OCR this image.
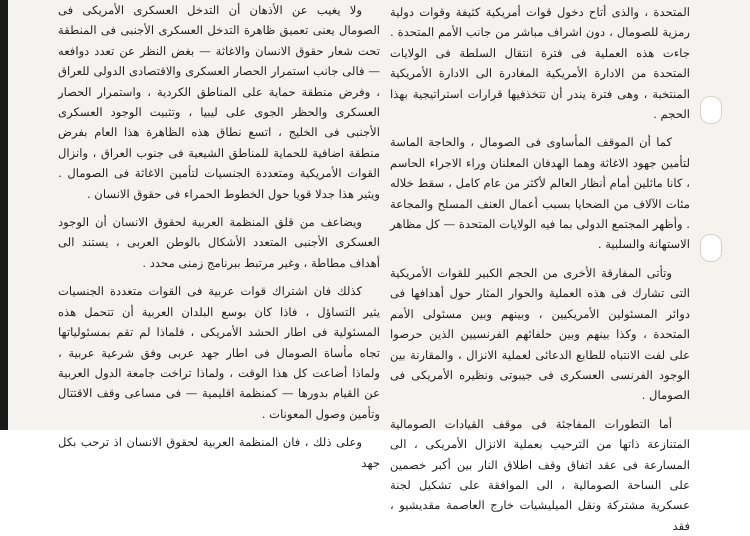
المتحدة ، والذى أتاح دخول قوات أمريكية كثيفة وقوات دولية رمزية للصومال ، دون اشراف مباشر من جانب الأمم المتحدة . جاءت هذه العملية فى فترة انتقال السلطة فى الولايات المتحدة من الادارة الأمريكية المغادرة الى الادارة الأمريكية المنتخبة ، وهى فترة يندر أن تتخذفيها قرارات استراتيجية بهذا الحجم .

كما أن الموقف المأساوى فى الصومال ، والحاجة الماسة لتأمين جهود الاغاثة وهما الهدفان المعلنان وراء الاجراء الحاسم ، كانا ماثلين أمام أنظار العالم لأكثر من عام كامل ، سقط خلاله مئات الآلاف من الضحايا بسبب أعمال العنف المسلح والمجاعة . وأظهر المجتمع الدولى بما فيه الولايات المتحدة — كل مظاهر الاستهانة والسلبية .

وتأتى المفارقة الأخرى من الحجم الكبير للقوات الأمريكية التى تشارك فى هذه العملية والحوار المثار حول أهدافها فى دوائر المسئولين الأمريكيين ، وبينهم وبين مسئولى الأمم المتحدة ، وكذا بينهم وبين حلفائهم الفرنسيين الذين حرصوا على لفت الانتباه للطابع الدعائى لعملية الانزال ، والمقارنة بين الوجود الفرنسى العسكرى فى جيبوتى ونظيره الأمريكى فى الصومال .

أما التطورات المفاجئة فى موقف القيادات الصومالية المتنازعة ذاتها من الترحيب بعملية الانزال الأمريكى ، الى المسارعة فى عقد اتفاق وقف اطلاق النار بين أكبر خصمين على الساحة الصومالية ، الى الموافقة على تشكيل لجنة عسكرية مشتركة ونقل الميليشيات خارج العاصمة مقديشيو ، فقد

ولا يغيب عن الأذهان أن التدخل العسكرى الأمريكى فى الصومال يعنى تعميق ظاهرة التدخل العسكرى الأجنبى فى المنطقة تحت شعار حقوق الانسان والاغاثة — بغض النظر عن تعدد دوافعه — فالى جانب استمرار الحصار العسكرى والاقتصادى الدولى للعراق ، وفرض منطقة حماية على المناطق الكردية ، واستمرار الحصار العسكرى والحظر الجوى على ليبيا ، وتثبيت الوجود العسكرى الأجنبى فى الخليج ، اتسع نطاق هذه الظاهرة هذا العام بفرض منطقة اضافية للحماية للمناطق الشيعية فى جنوب العراق ، وانزال القوات الأمريكية ومتعددة الجنسيات لتأمين الاغاثة فى الصومال . ويثير هذا جدلا قويا حول الخطوط الحمراء فى حقوق الانسان .

ويضاعف من قلق المنظمة العربية لحقوق الانسان أن الوجود العسكرى الأجنبى المتعدد الأشكال بالوطن العربى ، يستند الى أهداف مطاطة ، وغير مرتبط ببرنامج زمنى محدد .

كذلك فان اشتراك قوات عربية فى القوات متعددة الجنسيات يثير التساؤل ، فاذا كان بوسع البلدان العربية أن تتحمل هذه المسئولية فى اطار الحشد الأمريكى ، فلماذا لم تقم بمسئولياتها تجاه مأساة الصومال فى اطار جهد عربى وفق شرعية عربية ، ولماذا أضاعت كل هذا الوقت ، ولماذا تراخت جامعة الدول العربية عن القيام بدورها — كمنظمة اقليمية — فى مساعى وقف الاقتتال وتأمين وصول المعونات .

وعلى ذلك ، فان المنظمة العربية لحقوق الانسان اذ ترحب بكل جهد
